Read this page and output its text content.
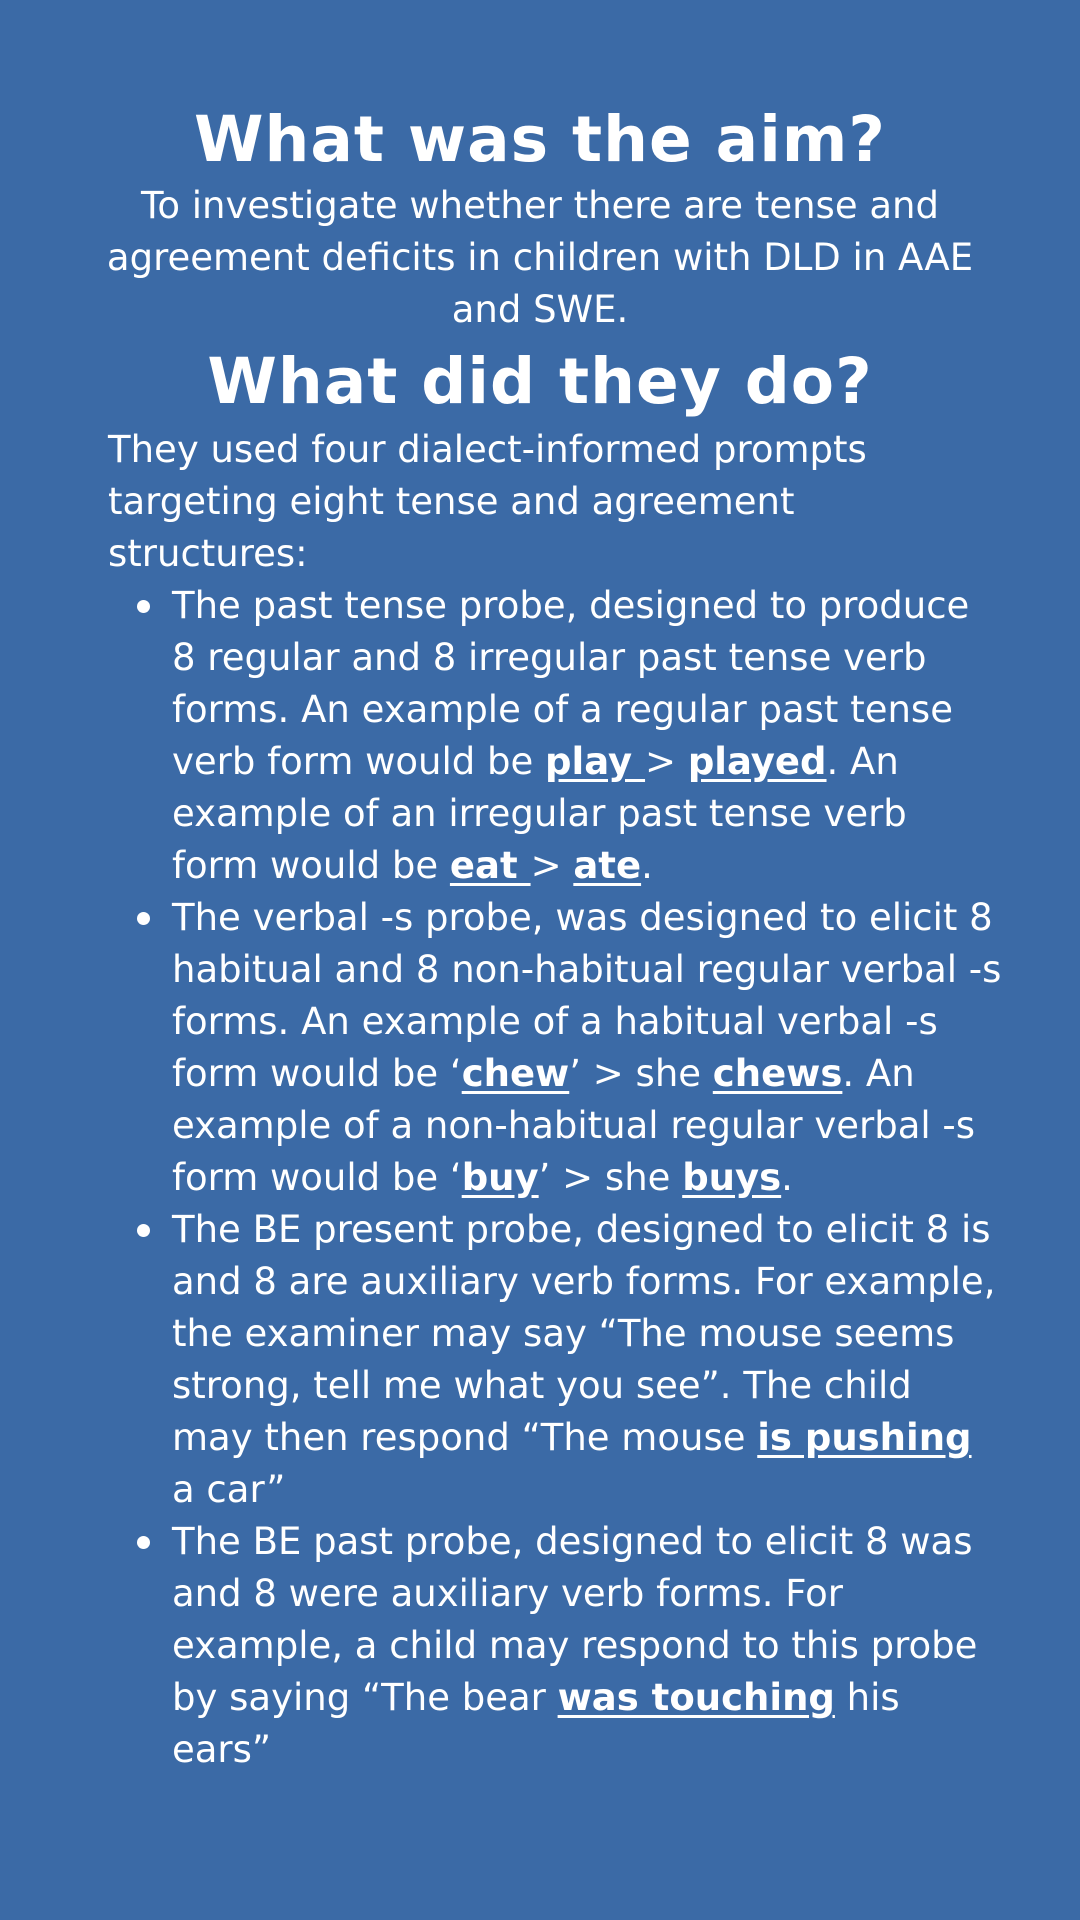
What was the aim?

To investigate whether there are tense and agreement deficits in children with DLD in AAE and SWE.

What did they do?

They used four dialect-informed prompts targeting eight tense and agreement structures:

The past tense probe, designed to produce 8 regular and 8 irregular past tense verb forms. An example of a regular past tense verb form would be play > played. An example of an irregular past tense verb form would be eat > ate.
The verbal -s probe, was designed to elicit 8 habitual and 8 non-habitual regular verbal -s forms. An example of a habitual verbal -s form would be ‘chew’ > she chews. An example of a non-habitual regular verbal -s form would be ‘buy’ > she buys.
The BE present probe, designed to elicit 8 is and 8 are auxiliary verb forms. For example, the examiner may say “The mouse seems strong, tell me what you see”. The child may then respond “The mouse is pushing a car”
The BE past probe, designed to elicit 8 was and 8 were auxiliary verb forms. For example, a child may respond to this probe by saying “The bear was touching his ears”
